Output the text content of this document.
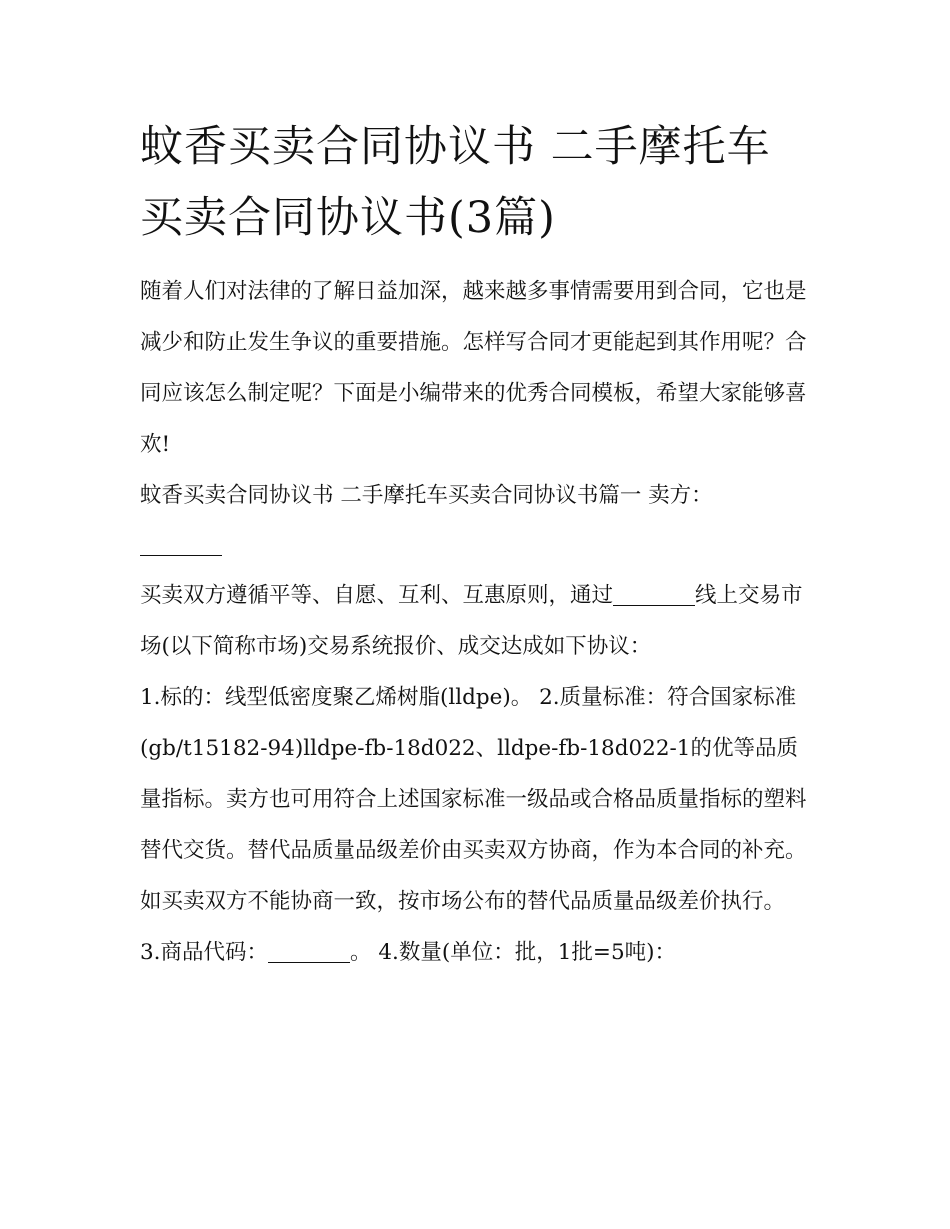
蚊香买卖合同协议书 二手摩托车买卖合同协议书(3篇)

随着人们对法律的了解日益加深，越来越多事情需要用到合同，它也是减少和防止发生争议的重要措施。怎样写合同才更能起到其作用呢？合同应该怎么制定呢？下面是小编带来的优秀合同模板，希望大家能够喜欢!

蚊香买卖合同协议书 二手摩托车买卖合同协议书篇一 卖方：

买卖双方遵循平等、自愿、互利、互惠原则，通过	线上交易市场(以下简称市场)交易系统报价、成交达成如下协议：

1.标的：线型低密度聚乙烯树脂(lldpe)。 2.质量标准：符合国家标准(gb/t15182-94)lldpe-fb-18d022、lldpe-fb-18d022-1的优等品质量指标。卖方也可用符合上述国家标准一级品或合格品质量指标的塑料替代交货。替代品质量品级差价由买卖双方协商，作为本合同的补充。如买卖双方不能协商一致，按市场公布的替代品质量品级差价执行。

3.商品代码：	。 4.数量(单位：批，1批=5吨)：
